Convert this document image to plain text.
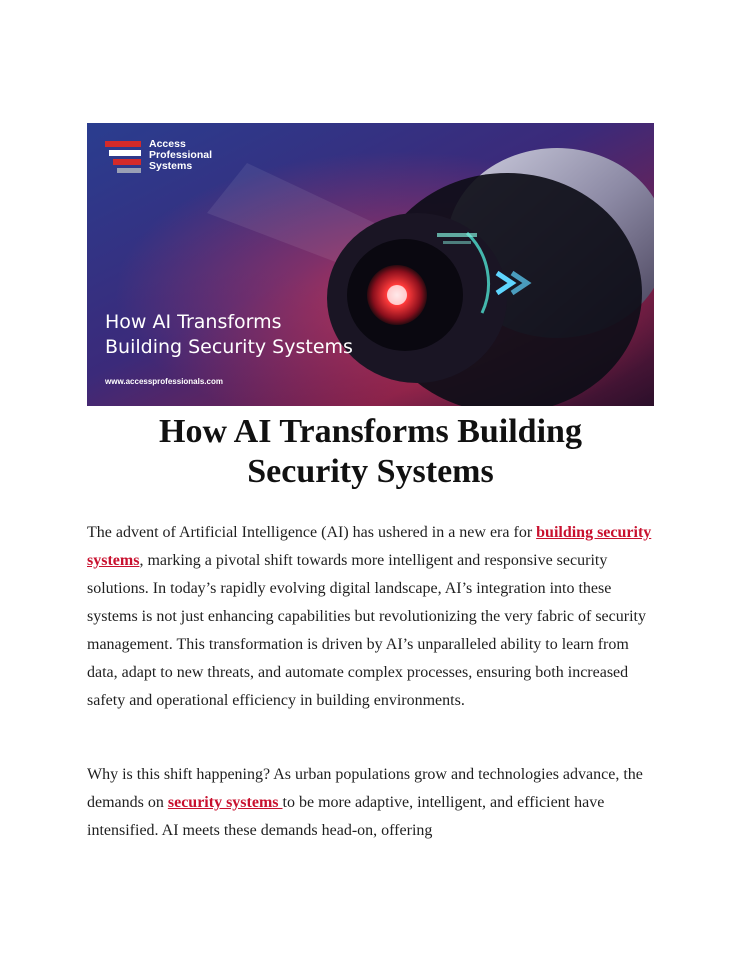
Access
Professional
Systems
How AI Transforms
Building Security Systems
www.accessprofessionals.com
How AI Transforms Building
Security Systems

The advent of Artificial Intelligence (AI) has ushered in a new era for building security systems, marking a pivotal shift towards more intelligent and responsive security solutions. In today’s rapidly evolving digital landscape, AI’s integration into these systems is not just enhancing capabilities but revolutionizing the very fabric of security management. This transformation is driven by AI’s unparalleled ability to learn from data, adapt to new threats, and automate complex processes, ensuring both increased safety and operational efficiency in building environments.

Why is this shift happening? As urban populations grow and technologies advance, the demands on security systems to be more adaptive, intelligent, and efficient have intensified. AI meets these demands head-on, offering
